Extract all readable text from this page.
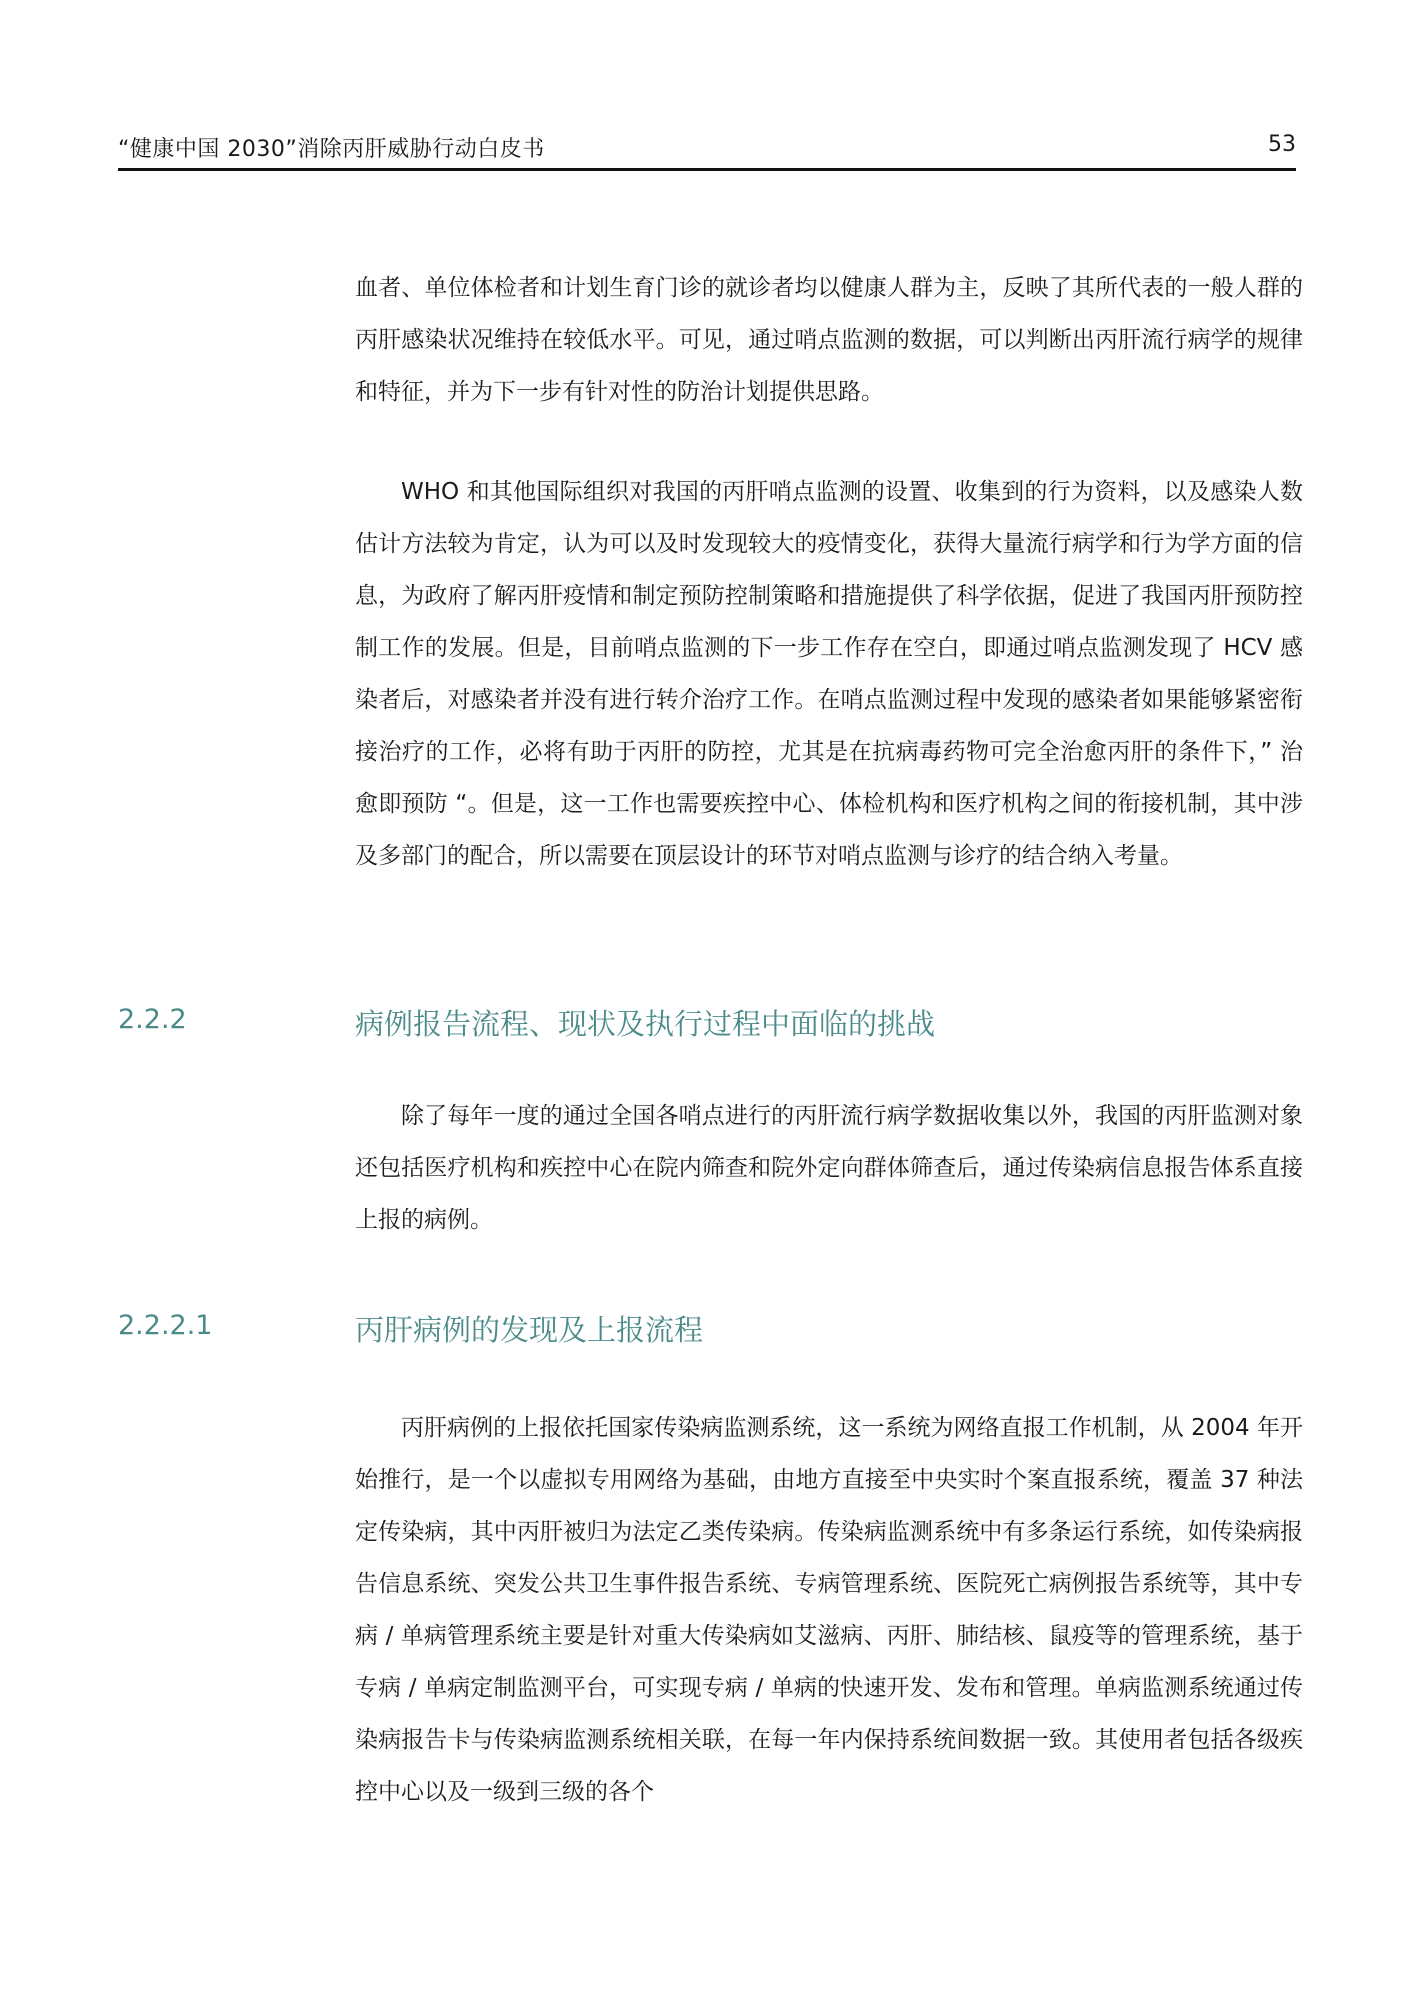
“健康中国 2030”消除丙肝威胁行动白皮书	53

血者、单位体检者和计划生育门诊的就诊者均以健康人群为主，反映了其所代表的一般人群的丙肝感染状况维持在较低水平。可见，通过哨点监测的数据，可以判断出丙肝流行病学的规律和特征，并为下一步有针对性的防治计划提供思路。

WHO 和其他国际组织对我国的丙肝哨点监测的设置、收集到的行为资料，以及感染人数估计方法较为肯定，认为可以及时发现较大的疫情变化，获得大量流行病学和行为学方面的信息，为政府了解丙肝疫情和制定预防控制策略和措施提供了科学依据，促进了我国丙肝预防控制工作的发展。但是，目前哨点监测的下一步工作存在空白，即通过哨点监测发现了 HCV 感染者后，对感染者并没有进行转介治疗工作。在哨点监测过程中发现的感染者如果能够紧密衔接治疗的工作，必将有助于丙肝的防控，尤其是在抗病毒药物可完全治愈丙肝的条件下，” 治愈即预防 “。但是，这一工作也需要疾控中心、体检机构和医疗机构之间的衔接机制，其中涉及多部门的配合，所以需要在顶层设计的环节对哨点监测与诊疗的结合纳入考量。

2.2.2	病例报告流程、现状及执行过程中面临的挑战

除了每年一度的通过全国各哨点进行的丙肝流行病学数据收集以外，我国的丙肝监测对象还包括医疗机构和疾控中心在院内筛查和院外定向群体筛查后，通过传染病信息报告体系直接上报的病例。

2.2.2.1	丙肝病例的发现及上报流程

丙肝病例的上报依托国家传染病监测系统，这一系统为网络直报工作机制，从 2004 年开始推行，是一个以虚拟专用网络为基础，由地方直接至中央实时个案直报系统，覆盖 37 种法定传染病，其中丙肝被归为法定乙类传染病。传染病监测系统中有多条运行系统，如传染病报告信息系统、突发公共卫生事件报告系统、专病管理系统、医院死亡病例报告系统等，其中专病 / 单病管理系统主要是针对重大传染病如艾滋病、丙肝、肺结核、鼠疫等的管理系统，基于专病 / 单病定制监测平台，可实现专病 / 单病的快速开发、发布和管理。单病监测系统通过传染病报告卡与传染病监测系统相关联，在每一年内保持系统间数据一致。其使用者包括各级疾控中心以及一级到三级的各个
